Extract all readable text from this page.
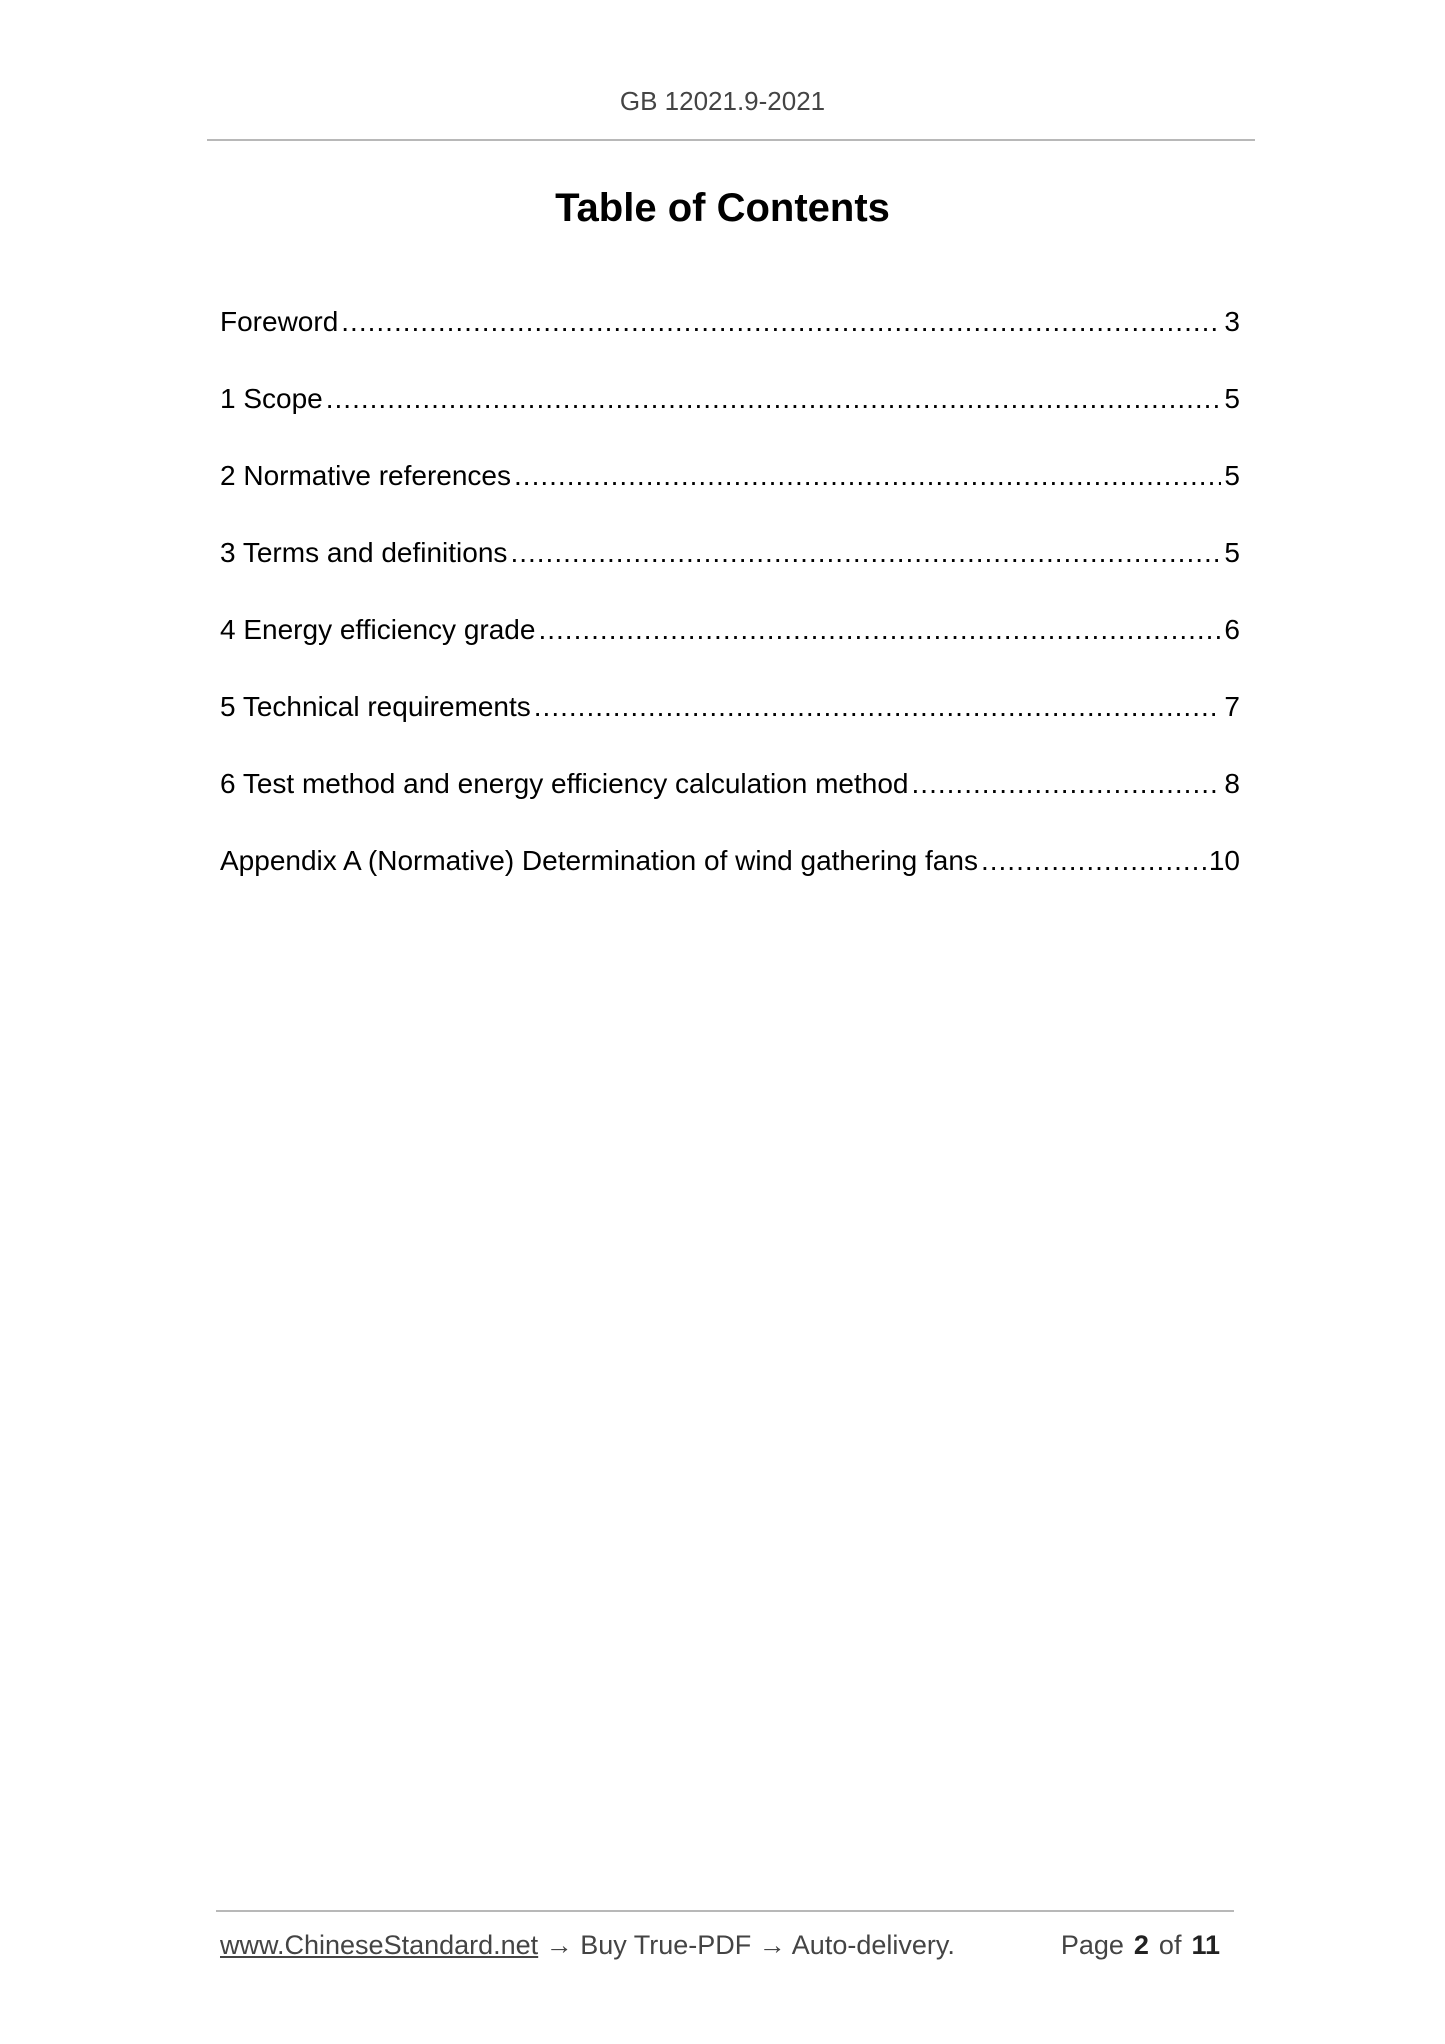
GB 12021.9-2021
Table of Contents
Foreword .....	3
1 Scope .....	5
2 Normative references .....	5
3 Terms and definitions .....	5
4 Energy efficiency grade .....	6
5 Technical requirements .....	7
6 Test method and energy efficiency calculation method .....	8
Appendix A (Normative) Determination of wind gathering fans .....	10
www.ChineseStandard.net → Buy True-PDF → Auto-delivery.	Page 2 of 11
